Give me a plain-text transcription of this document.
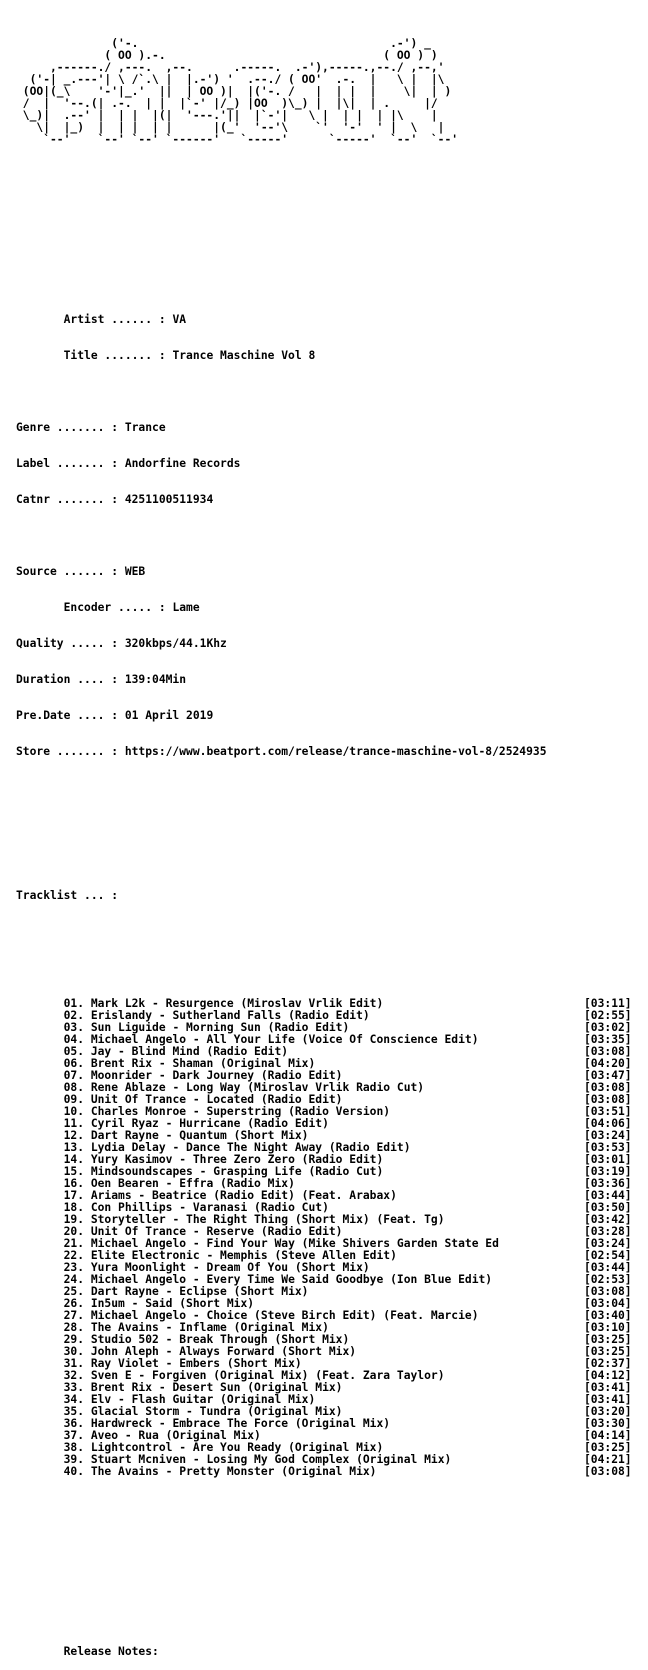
('-.                                     .-') _
( OO ).-.                                ( OO ) )
,------./ ,---.  ,--.      .-----.  .-'),-----.,--./ ,--,'
('-| _.---'| \ /`.\ |  |.-') '  .--./ ( OO'  .-.  |   \ |  |\
(OO|(_\    '-'|_.'  ||  | OO )|  |('-. /   |  | |  |    \|  | )
/  |  '--.(| .-.  | |  |`-' |/_) |OO  )\_) |  |\|  | .     |/
\_)|  .--' |  | |  |(|  '---.'||  |`-'|   \ |  | |  | |\    |
\|  |_)  |  | |  | |      |(_'  '--'\    `'  '-'  ' |  \   |
`--'    `--' `--' `------'   `-----'      `-----'  `--'  `--'

Artist ...... : VA

Title ....... : Trance Maschine Vol 8

Genre ....... : Trance

Label ....... : Andorfine Records

Catnr ....... : 4251100511934

Source ...... : WEB

Encoder ..... : Lame

Quality ..... : 320kbps/44.1Khz

Duration .... : 139:04Min

Pre.Date .... : 01 April 2019

Store ....... : https://www.beatport.com/release/trance-maschine-vol-8/2524935

Tracklist ... :

01. Mark L2k - Resurgence (Miroslav Vrlik Edit)	[03:11]
02. Erislandy - Sutherland Falls (Radio Edit)	[02:55]
03. Sun Liguide - Morning Sun (Radio Edit)	[03:02]
04. Michael Angelo - All Your Life (Voice Of Conscience Edit)	[03:35]
05. Jay - Blind Mind (Radio Edit)	[03:08]
06. Brent Rix - Shaman (Original Mix)	[04:20]
07. Moonrider - Dark Journey (Radio Edit)	[03:47]
08. Rene Ablaze - Long Way (Miroslav Vrlik Radio Cut)	[03:08]
09. Unit Of Trance - Located (Radio Edit)	[03:08]
10. Charles Monroe - Superstring (Radio Version)	[03:51]
11. Cyril Ryaz - Hurricane (Radio Edit)	[04:06]
12. Dart Rayne - Quantum (Short Mix)	[03:24]
13. Lydia Delay - Dance The Night Away (Radio Edit)	[03:53]
14. Yury Kasimov - Three Zero Zero (Radio Edit)	[03:01]
15. Mindsoundscapes - Grasping Life (Radio Cut)	[03:19]
16. Oen Bearen - Effra (Radio Mix)	[03:36]
17. Ariams - Beatrice (Radio Edit) (Feat. Arabax)	[03:44]
18. Con Phillips - Varanasi (Radio Cut)	[03:50]
19. Storyteller - The Right Thing (Short Mix) (Feat. Tg)	[03:42]
20. Unit Of Trance - Reserve (Radio Edit)	[03:28]
21. Michael Angelo - Find Your Way (Mike Shivers Garden State Ed	[03:24]
22. Elite Electronic - Memphis (Steve Allen Edit)	[02:54]
23. Yura Moonlight - Dream Of You (Short Mix)	[03:44]
24. Michael Angelo - Every Time We Said Goodbye (Ion Blue Edit)	[02:53]
25. Dart Rayne - Eclipse (Short Mix)	[03:08]
26. In5um - Said (Short Mix)	[03:04]
27. Michael Angelo - Choice (Steve Birch Edit) (Feat. Marcie)	[03:40]
28. The Avains - Inflame (Original Mix)	[03:10]
29. Studio 502 - Break Through (Short Mix)	[03:25]
30. John Aleph - Always Forward (Short Mix)	[03:25]
31. Ray Violet - Embers (Short Mix)	[02:37]
32. Sven E - Forgiven (Original Mix) (Feat. Zara Taylor)	[04:12]
33. Brent Rix - Desert Sun (Original Mix)	[03:41]
34. Elv - Flash Guitar (Original Mix)	[03:41]
35. Glacial Storm - Tundra (Original Mix)	[03:20]
36. Hardwreck - Embrace The Force (Original Mix)	[03:30]
37. Aveo - Rua (Original Mix)	[04:14]
38. Lightcontrol - Are You Ready (Original Mix)	[03:25]
39. Stuart Mcniven - Losing My God Complex (Original Mix)	[04:21]
40. The Avains - Pretty Monster (Original Mix)	[03:08]

Release Notes:
